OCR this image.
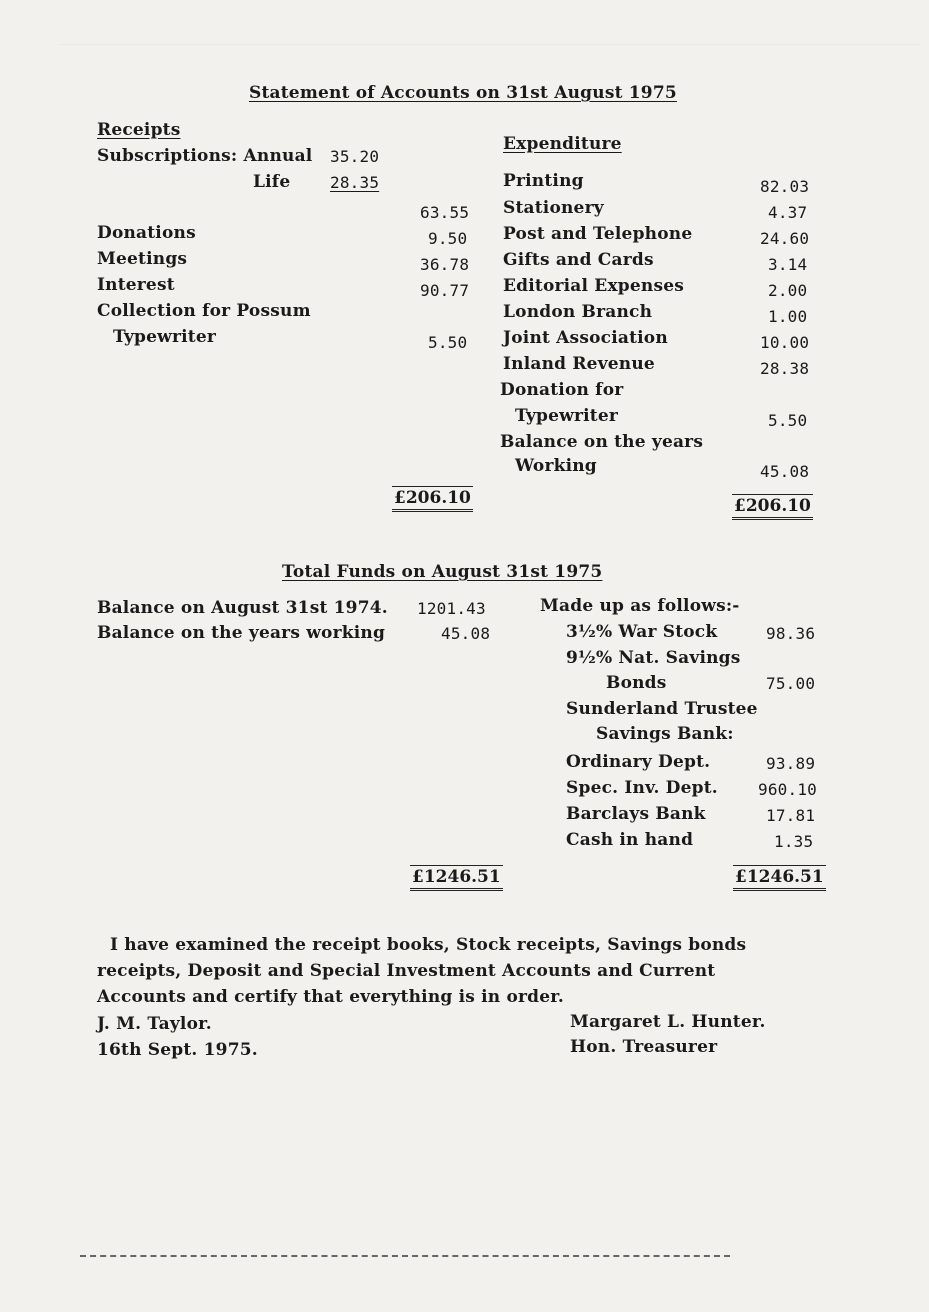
Statement of Accounts on 31st August 1975
Receipts
Subscriptions: Annual 35.20
Life 28.35
63.55
Donations	9.50
Meetings	36.78
Interest	90.77
Collection for Possum
Typewriter	5.50
£206.10
Expenditure
Printing	82.03
Stationery	4.37
Post and Telephone	24.60
Gifts and Cards	3.14
Editorial Expenses	2.00
London Branch	1.00
Joint Association	10.00
Inland Revenue	28.38
Donation for
Typewriter	5.50
Balance on the years
Working	45.08
£206.10
Total Funds on August 31st 1975
Balance on August 31st 1974. 1201.43
Balance on the years working	45.08
Made up as follows:-
3½% War Stock	98.36
9½% Nat. Savings
Bonds	75.00
Sunderland Trustee
Savings Bank:
Ordinary Dept.	93.89
Spec. Inv. Dept.	960.10
Barclays Bank	17.81
Cash in hand	1.35
£1246.51	£1246.51
I have examined the receipt books, Stock receipts, Savings bonds
receipts, Deposit and Special Investment Accounts and Current
Accounts and certify that everything is in order.
J. M. Taylor.
16th Sept. 1975.
Margaret L. Hunter.
Hon. Treasurer
